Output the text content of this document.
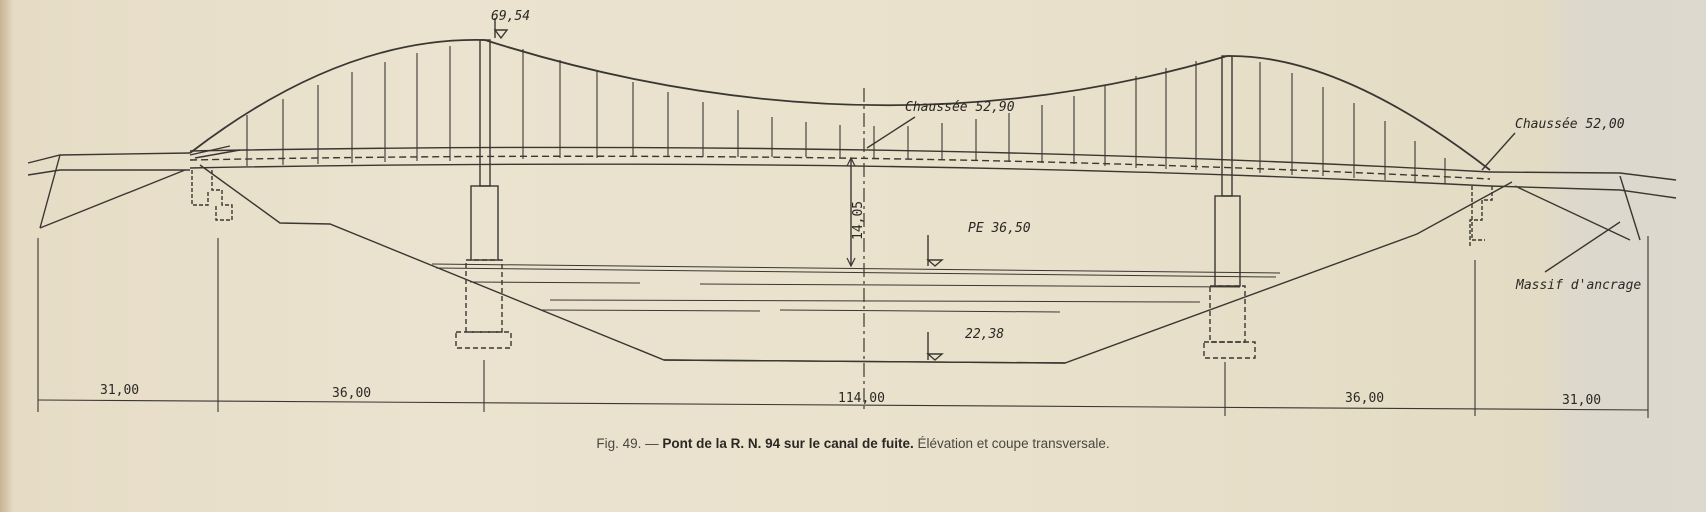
69,54
Chaussée 52,90
Chaussée 52,00
PE 36,50
22,38
14,05
Massif d'ancrage
31,00	36,00	114,00	36,00	31,00
Fig. 49. — Pont de la R. N. 94 sur le canal de fuite. Élévation et coupe transversale.
